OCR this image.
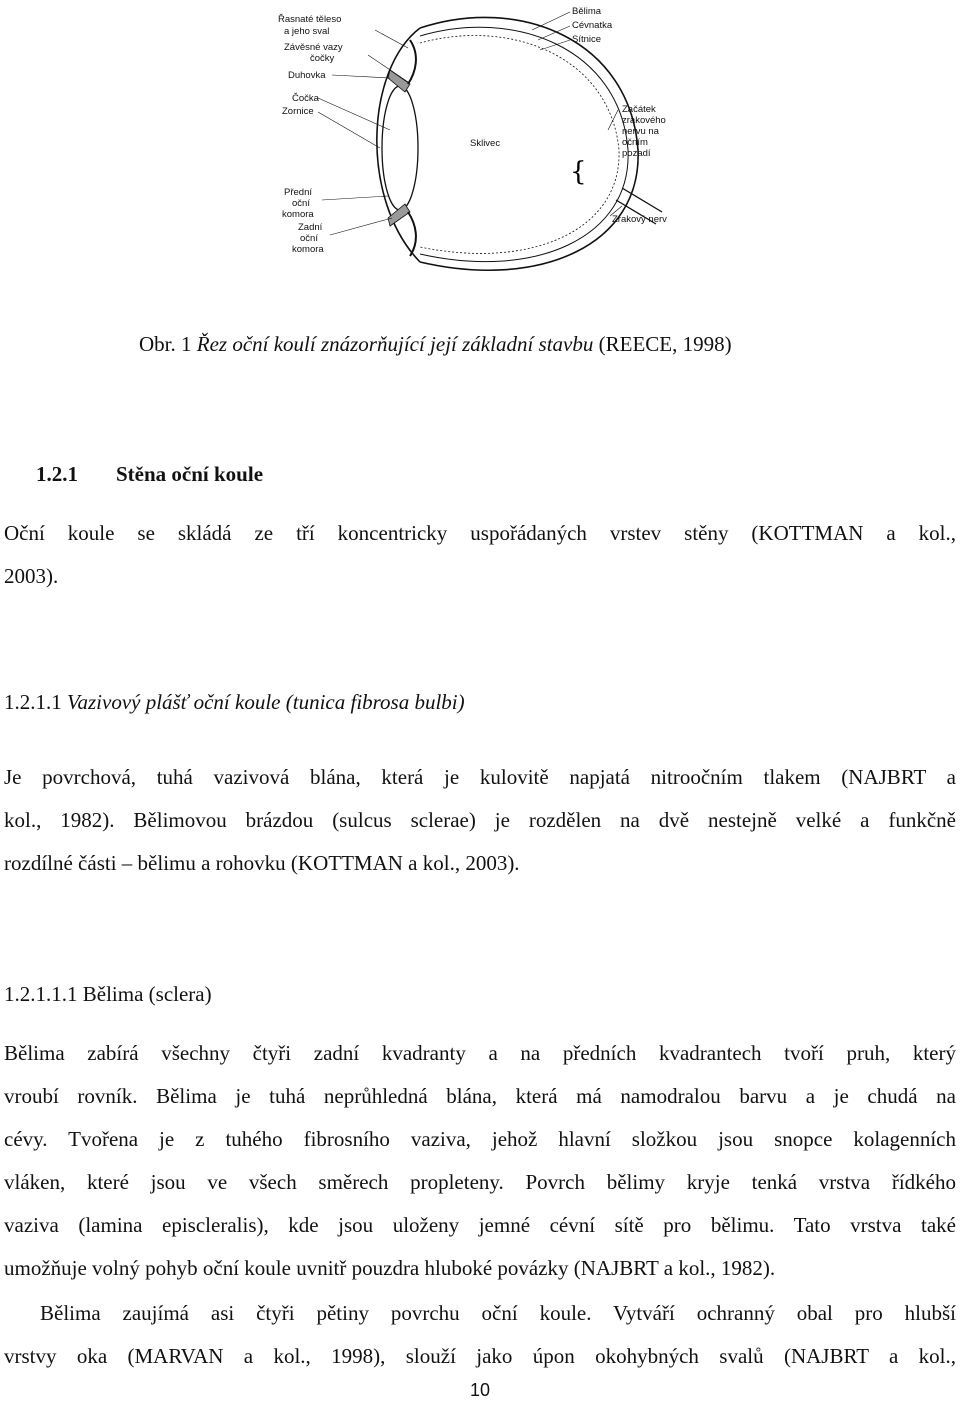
{
Řasnaté těleso
a jeho sval
Závěsné vazy
čočky
Duhovka
Čočka
Zornice
Přední
oční
komora
Zadní
oční
komora
Bělima
Cévnatka
Sítnice
Sklivec
Začátek
zrakového
nervu na
očním
pozadí
Zrakový nerv
Obr. 1 Řez oční koulí znázorňující její základní stavbu (REECE, 1998)
1.2.1 Stěna oční koule
Oční koule se skládá ze tří koncentricky uspořádaných vrstev stěny (KOTTMAN a kol.,
2003).
1.2.1.1 Vazivový plášť oční koule (tunica fibrosa bulbi)
Je povrchová, tuhá vazivová blána, která je kulovitě napjatá nitroočním tlakem (NAJBRT a
kol., 1982). Bělimovou brázdou (sulcus sclerae) je rozdělen na dvě nestejně velké a funkčně
rozdílné části – bělimu a rohovku (KOTTMAN a kol., 2003).
1.2.1.1.1 Bělima (sclera)
Bělima zabírá všechny čtyři zadní kvadranty a na předních kvadrantech tvoří pruh, který
vroubí rovník. Bělima je tuhá neprůhledná blána, která má namodralou barvu a je chudá na
cévy. Tvořena je z tuhého fibrosního vaziva, jehož hlavní složkou jsou snopce kolagenních
vláken, které jsou ve všech směrech propleteny. Povrch bělimy kryje tenká vrstva řídkého
vaziva (lamina episcleralis), kde jsou uloženy jemné cévní sítě pro bělimu. Tato vrstva také
umožňuje volný pohyb oční koule uvnitř pouzdra hluboké povázky (NAJBRT a kol., 1982).
Bělima zaujímá asi čtyři pětiny povrchu oční koule. Vytváří ochranný obal pro hlubší
vrstvy oka (MARVAN a kol., 1998), slouží jako úpon okohybných svalů (NAJBRT a kol.,
10
